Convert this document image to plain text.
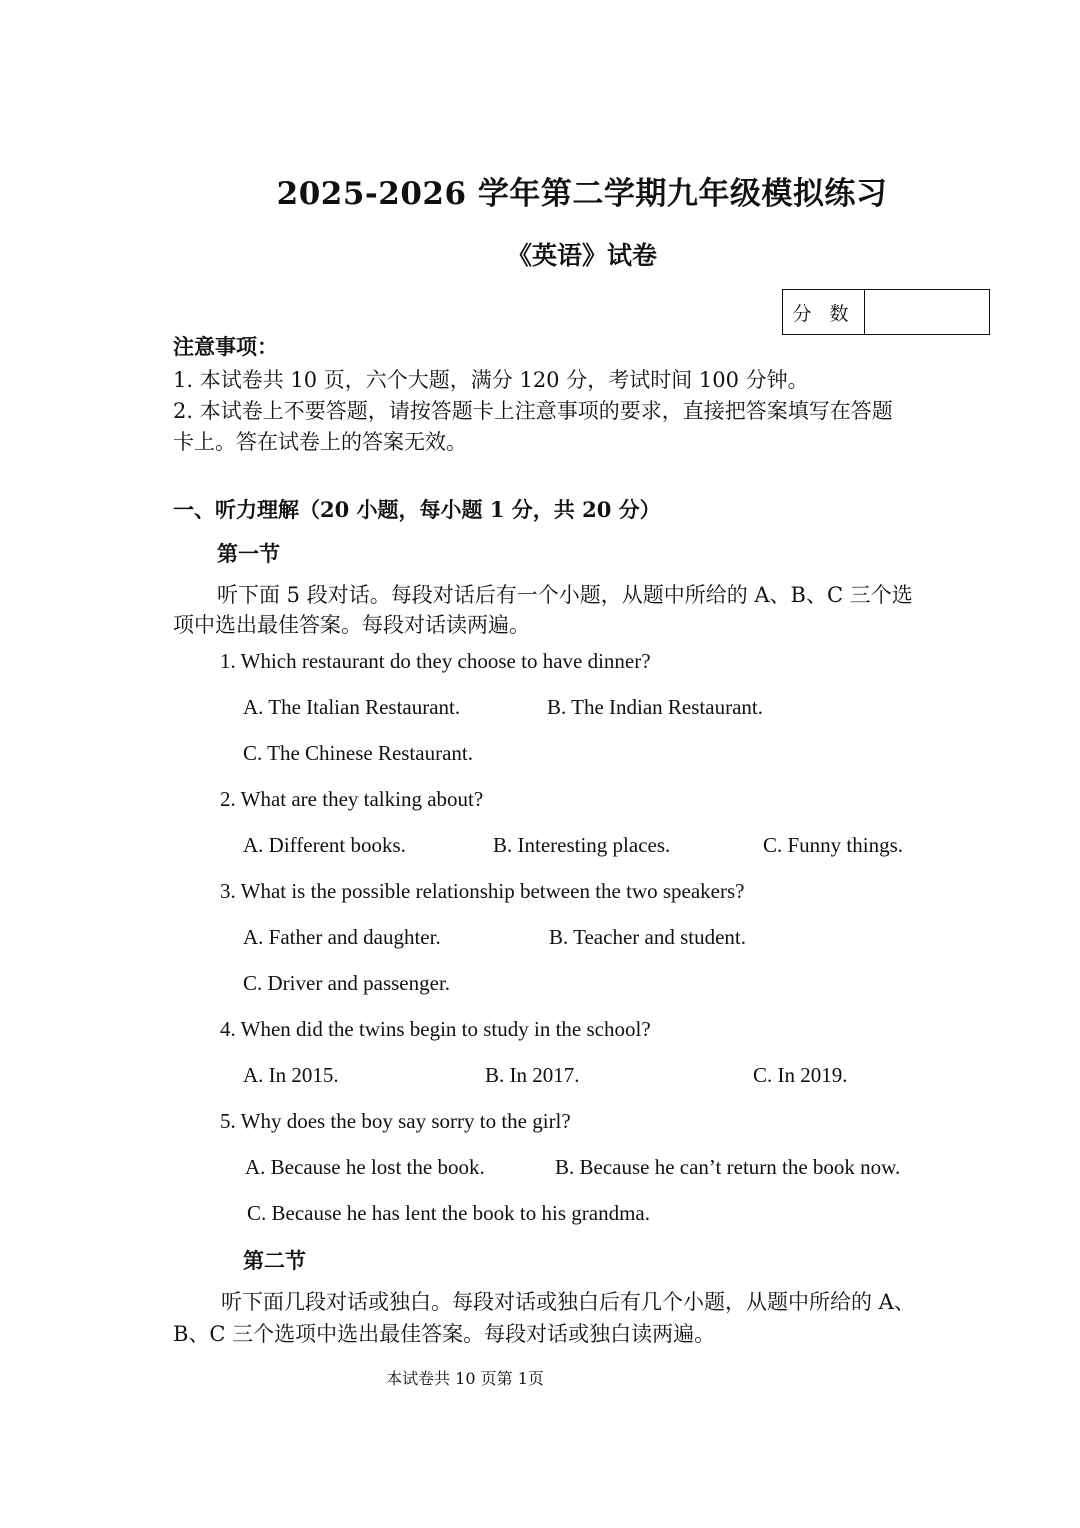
2025-2026 学年第二学期九年级模拟练习
《英语》试卷
分 数
注意事项：
1. 本试卷共 10 页，六个大题，满分 120 分，考试时间 100 分钟。
2. 本试卷上不要答题，请按答题卡上注意事项的要求，直接把答案填写在答题
卡上。答在试卷上的答案无效。
一、听力理解（20 小题，每小题 1 分，共 20 分）
第一节
听下面 5 段对话。每段对话后有一个小题，从题中所给的 A、B、C 三个选
项中选出最佳答案。每段对话读两遍。
1. Which restaurant do they choose to have dinner?
A. The Italian Restaurant.	B. The Indian Restaurant.
C. The Chinese Restaurant.
2. What are they talking about?
A. Different books.	B. Interesting places.	C. Funny things.
3. What is the possible relationship between the two speakers?
A. Father and daughter.	B. Teacher and student.
C. Driver and passenger.
4. When did the twins begin to study in the school?
A. In 2015.	B. In 2017.	C. In 2019.
5. Why does the boy say sorry to the girl?
A. Because he lost the book.	B. Because he can’t return the book now.
C. Because he has lent the book to his grandma.
第二节
听下面几段对话或独白。每段对话或独白后有几个小题，从题中所给的 A、
B、C 三个选项中选出最佳答案。每段对话或独白读两遍。
本试卷共 10 页第 1页
